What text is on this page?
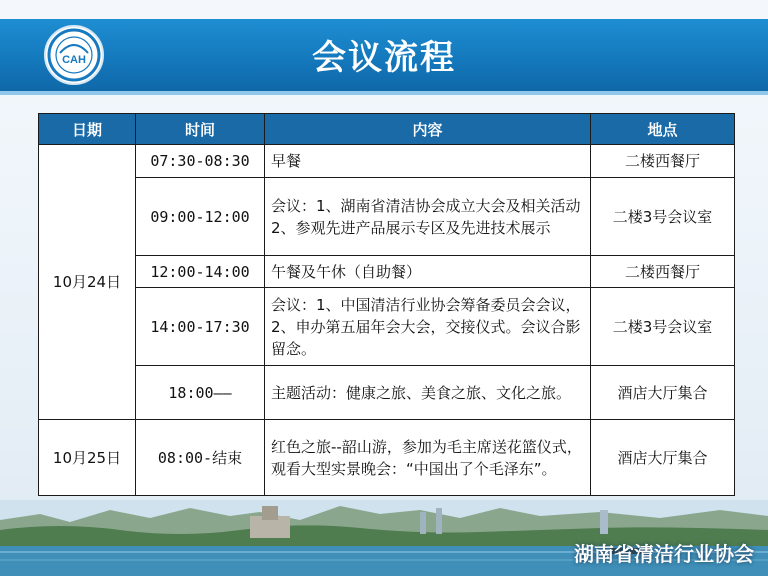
CAH	会议流程
日期	时间	内容	地点
10月24日	07:30-08:30	早餐	二楼西餐厅
	09:00-12:00	会议：1、湖南省清洁协会成立大会及相关活动　 2、参观先进产品展示专区及先进技术展示	二楼3号会议室
	12:00-14:00	午餐及午休（自助餐）	二楼西餐厅
	14:00-17:30	会议：1、中国清洁行业协会筹备委员会会议，2、申办第五届年会大会，交接仪式。会议合影留念。	二楼3号会议室
	18:00——	主题活动：健康之旅、美食之旅、文化之旅。	酒店大厅集合
10月25日	08:00-结束	红色之旅--韶山游，参加为毛主席送花篮仪式，观看大型实景晚会：“中国出了个毛泽东”。	酒店大厅集合
湖南省清洁行业协会
